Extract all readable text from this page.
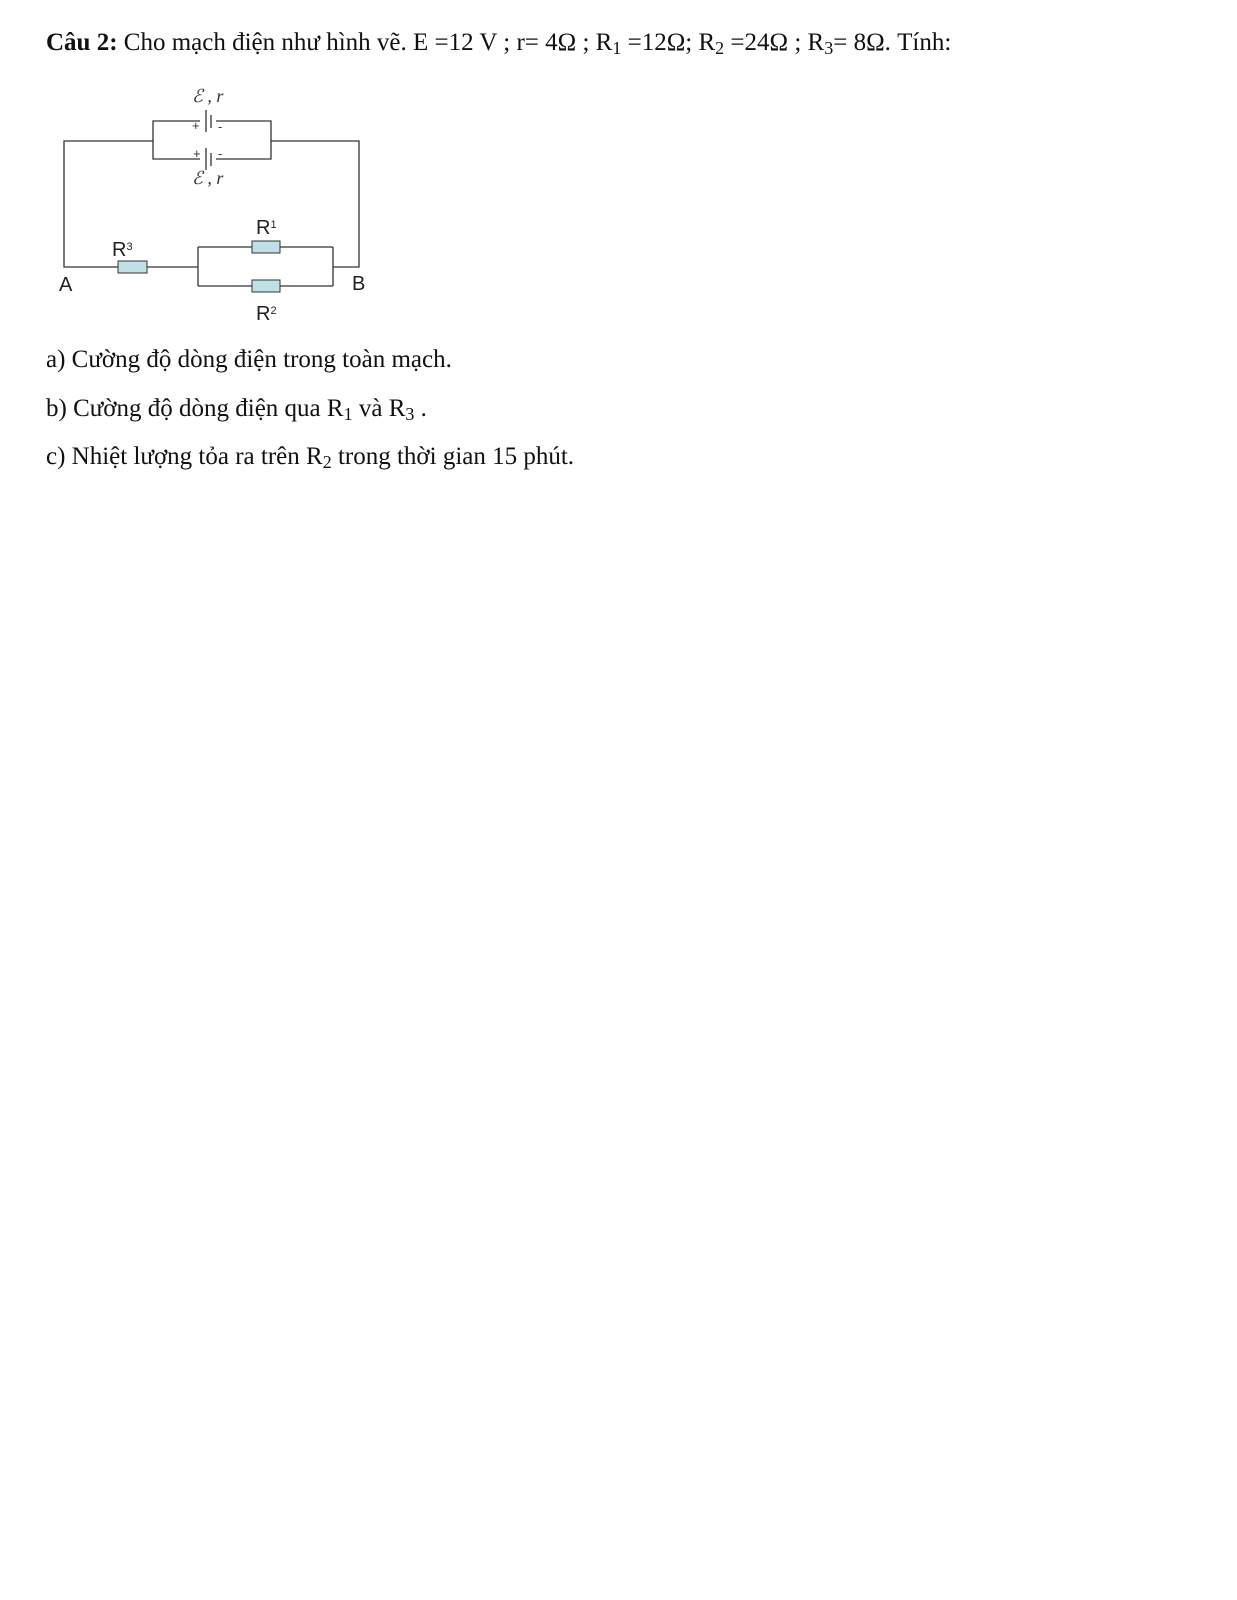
Câu 2: Cho mạch điện như hình vẽ. E =12 V ; r= 4Ω ; $R_1 =12\Omega$; $R_2 =24\Omega$ ; $R_3= 8\Omega$. Tính:
ℰ , r
+ -
+ -
ℰ , r
$R^1$
$R^2$
$R^3$
A	B
a) Cường độ dòng điện trong toàn mạch.
b) Cường độ dòng điện qua $R_1$ và $R_3$ .
c) Nhiệt lượng tỏa ra trên $R_2$ trong thời gian 15 phút.
